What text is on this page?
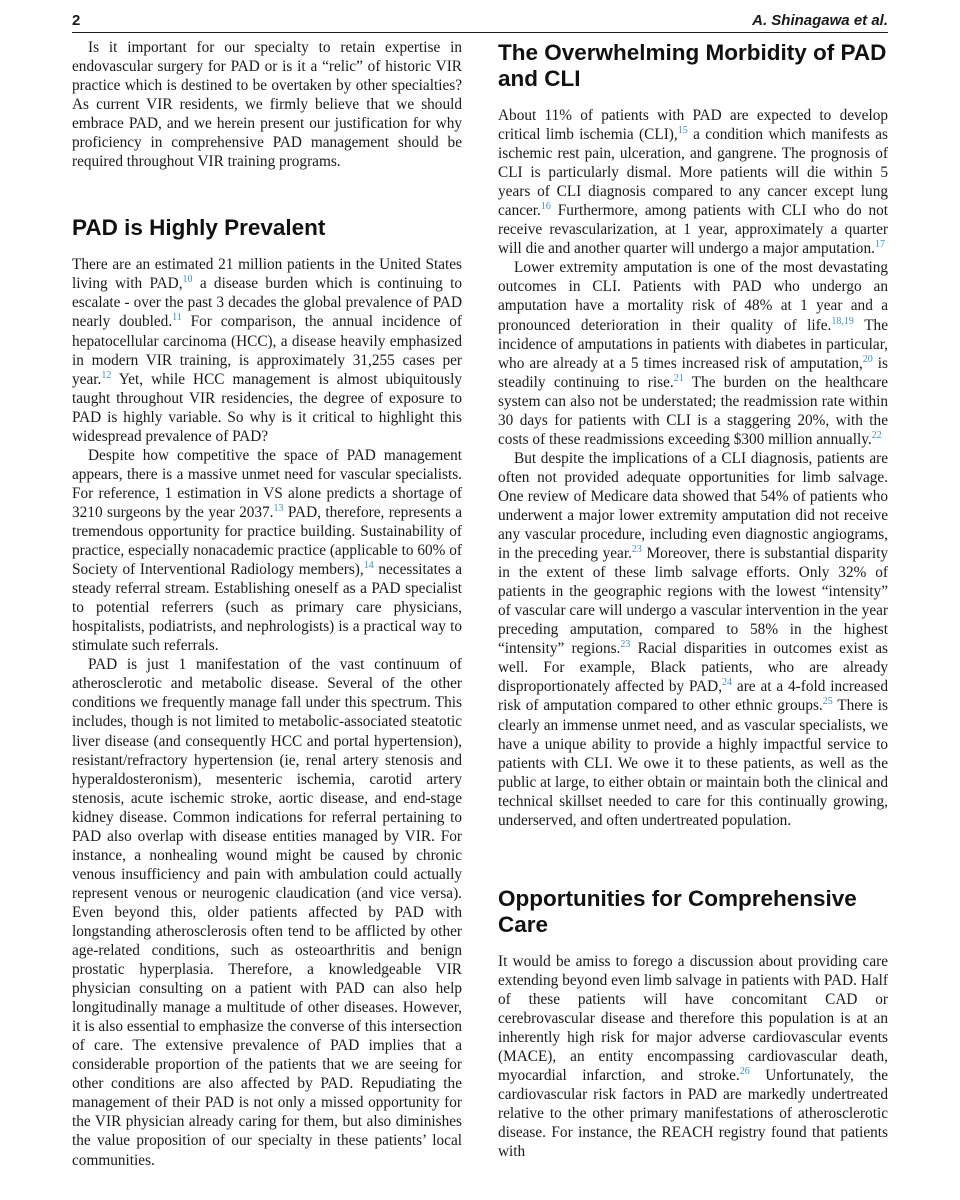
2	A. Shinagawa et al.

Is it important for our specialty to retain expertise in endovascular surgery for PAD or is it a “relic” of historic VIR practice which is destined to be overtaken by other specialties? As current VIR residents, we firmly believe that we should embrace PAD, and we herein present our justification for why proficiency in comprehensive PAD management should be required throughout VIR training programs.

PAD is Highly Prevalent

There are an estimated 21 million patients in the United States living with PAD,$^{10}$ a disease burden which is continuing to escalate - over the past 3 decades the global prevalence of PAD nearly doubled.$^{11}$ For comparison, the annual incidence of hepatocellular carcinoma (HCC), a disease heavily emphasized in modern VIR training, is approximately 31,255 cases per year.$^{12}$ Yet, while HCC management is almost ubiquitously taught throughout VIR residencies, the degree of exposure to PAD is highly variable. So why is it critical to highlight this widespread prevalence of PAD?

Despite how competitive the space of PAD management appears, there is a massive unmet need for vascular specialists. For reference, 1 estimation in VS alone predicts a shortage of 3210 surgeons by the year 2037.13 PAD, therefore, represents a tremendous opportunity for practice building. Sustainability of practice, especially nonacademic practice (applicable to 60% of Society of Interventional Radiology members),$^{14}$ necessitates a steady referral stream. Establishing oneself as a PAD specialist to potential referrers (such as primary care physicians, hospitalists, podiatrists, and nephrologists) is a practical way to stimulate such referrals.

PAD is just 1 manifestation of the vast continuum of atherosclerotic and metabolic disease. Several of the other conditions we frequently manage fall under this spectrum. This includes, though is not limited to metabolic-associated steatotic liver disease (and consequently HCC and portal hypertension), resistant/refractory hypertension (ie, renal artery stenosis and hyperaldosteronism), mesenteric ischemia, carotid artery stenosis, acute ischemic stroke, aortic disease, and end-stage kidney disease. Common indications for referral pertaining to PAD also overlap with disease entities managed by VIR. For instance, a nonhealing wound might be caused by chronic venous insufficiency and pain with ambulation could actually represent venous or neurogenic claudication (and vice versa). Even beyond this, older patients affected by PAD with longstanding atherosclerosis often tend to be afflicted by other age-related conditions, such as osteoarthritis and benign prostatic hyperplasia. Therefore, a knowledgeable VIR physician consulting on a patient with PAD can also help longitudinally manage a multitude of other diseases. However, it is also essential to emphasize the converse of this intersection of care. The extensive prevalence of PAD implies that a considerable proportion of the patients that we are seeing for other conditions are also affected by PAD. Repudiating the management of their PAD is not only a missed opportunity for the VIR physician already caring for them, but also diminishes the value proposition of our specialty in these patients’ local communities.

The Overwhelming Morbidity of PAD and CLI

About 11% of patients with PAD are expected to develop critical limb ischemia (CLI),$^{15}$ a condition which manifests as ischemic rest pain, ulceration, and gangrene. The prognosis of CLI is particularly dismal. More patients will die within 5 years of CLI diagnosis compared to any cancer except lung cancer.$^{16}$ Furthermore, among patients with CLI who do not receive revascularization, at 1 year, approximately a quarter will die and another quarter will undergo a major amputation.$^{17}$

Lower extremity amputation is one of the most devastating outcomes in CLI. Patients with PAD who undergo an amputation have a mortality risk of 48% at 1 year and a pronounced deterioration in their quality of life.$^{18,19}$ The incidence of amputations in patients with diabetes in particular, who are already at a 5 times increased risk of amputation,$^{20}$ is steadily continuing to rise.$^{21}$ The burden on the healthcare system can also not be understated; the readmission rate within 30 days for patients with CLI is a staggering 20%, with the costs of these readmissions exceeding $300 million annually.$^{22}$

But despite the implications of a CLI diagnosis, patients are often not provided adequate opportunities for limb salvage. One review of Medicare data showed that 54% of patients who underwent a major lower extremity amputation did not receive any vascular procedure, including even diagnostic angiograms, in the preceding year.$^{23}$ Moreover, there is substantial disparity in the extent of these limb salvage efforts. Only 32% of patients in the geographic regions with the lowest “intensity” of vascular care will undergo a vascular intervention in the year preceding amputation, compared to 58% in the highest “intensity” regions.$^{23}$ Racial disparities in outcomes exist as well. For example, Black patients, who are already disproportionately affected by PAD,$^{24}$ are at a 4-fold increased risk of amputation compared to other ethnic groups.$^{25}$ There is clearly an immense unmet need, and as vascular specialists, we have a unique ability to provide a highly impactful service to patients with CLI. We owe it to these patients, as well as the public at large, to either obtain or maintain both the clinical and technical skillset needed to care for this continually growing, underserved, and often undertreated population.

Opportunities for Comprehensive Care

It would be amiss to forego a discussion about providing care extending beyond even limb salvage in patients with PAD. Half of these patients will have concomitant CAD or cerebrovascular disease and therefore this population is at an inherently high risk for major adverse cardiovascular events (MACE), an entity encompassing cardiovascular death, myocardial infarction, and stroke.$^{26}$ Unfortunately, the cardiovascular risk factors in PAD are markedly undertreated relative to the other primary manifestations of atherosclerotic disease. For instance, the REACH registry found that patients with
